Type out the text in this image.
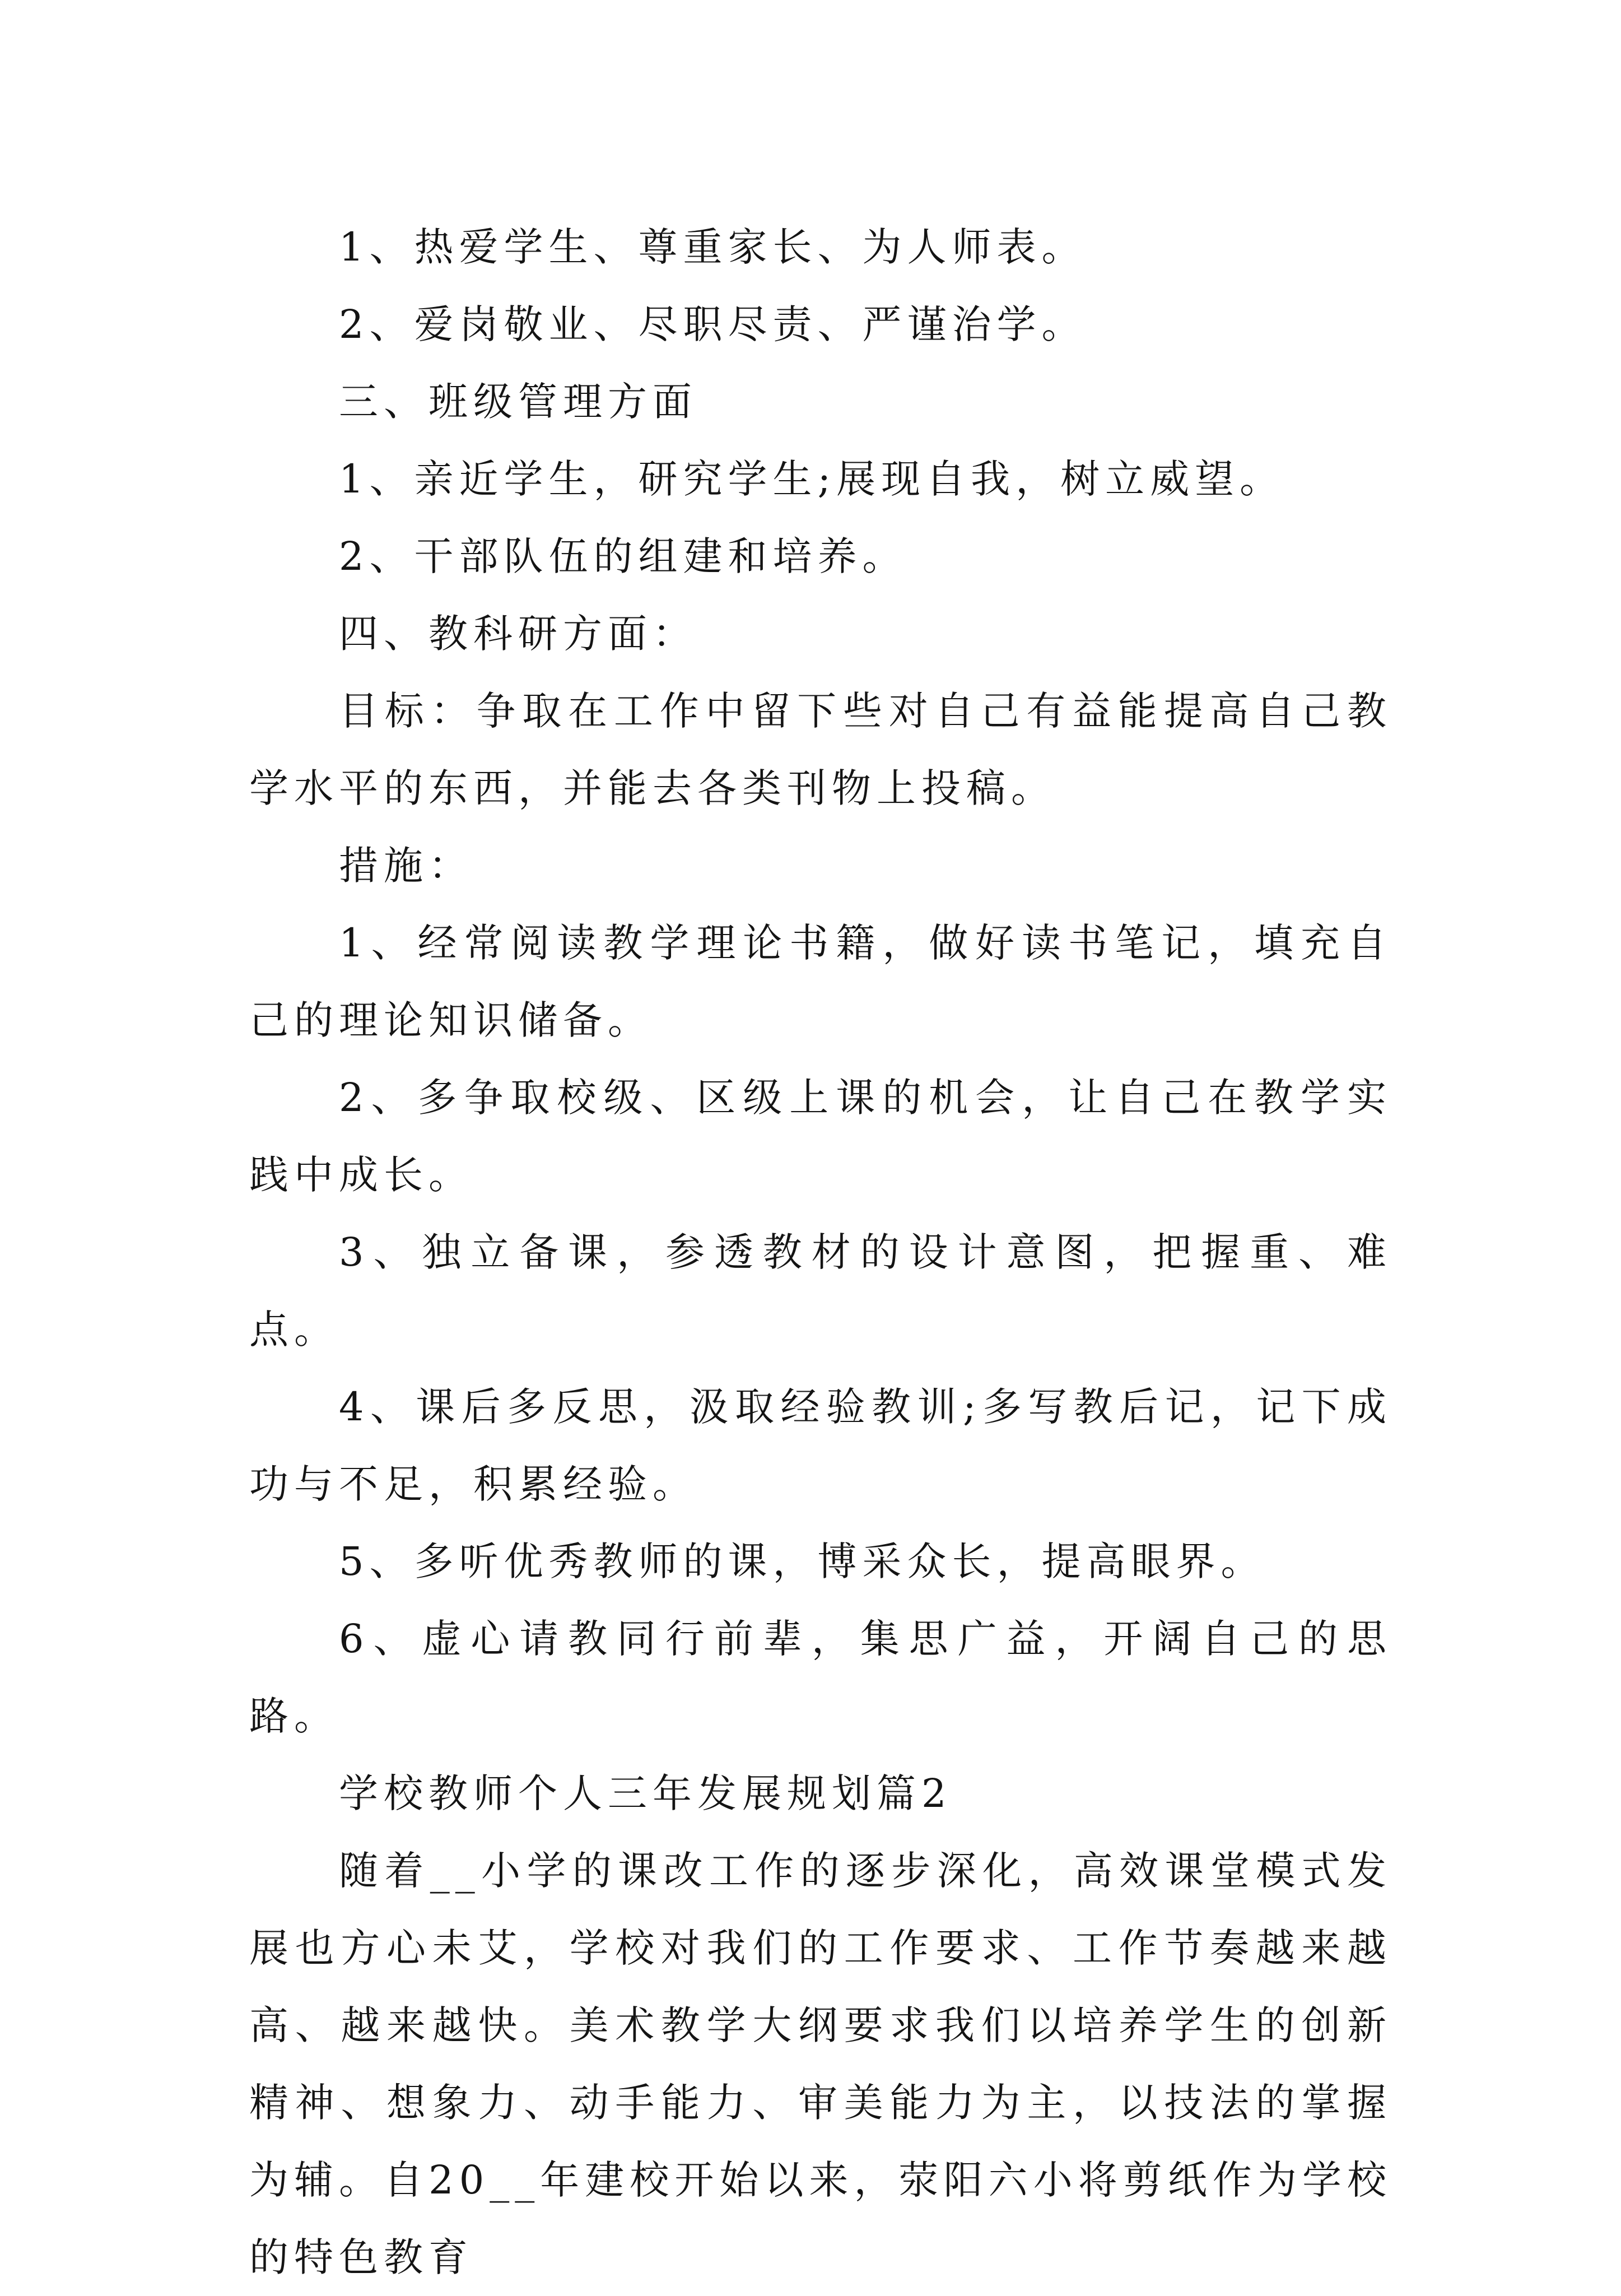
1、热爱学生、尊重家长、为人师表。

2、爱岗敬业、尽职尽责、严谨治学。

三、班级管理方面

1、亲近学生，研究学生;展现自我，树立威望。

2、干部队伍的组建和培养。

四、教科研方面：

目标：争取在工作中留下些对自己有益能提高自己教学水平的东西，并能去各类刊物上投稿。

措施：

1、经常阅读教学理论书籍，做好读书笔记，填充自己的理论知识储备。

2、多争取校级、区级上课的机会，让自己在教学实践中成长。

3、独立备课，参透教材的设计意图，把握重、难点。

4、课后多反思，汲取经验教训;多写教后记，记下成功与不足，积累经验。

5、多听优秀教师的课，博采众长，提高眼界。

6、虚心请教同行前辈，集思广益，开阔自己的思路。

学校教师个人三年发展规划篇2

随着__小学的课改工作的逐步深化，高效课堂模式发展也方心未艾，学校对我们的工作要求、工作节奏越来越高、越来越快。美术教学大纲要求我们以培养学生的创新精神、想象力、动手能力、审美能力为主，以技法的掌握为辅。自20__年建校开始以来，荥阳六小将剪纸作为学校的特色教育
